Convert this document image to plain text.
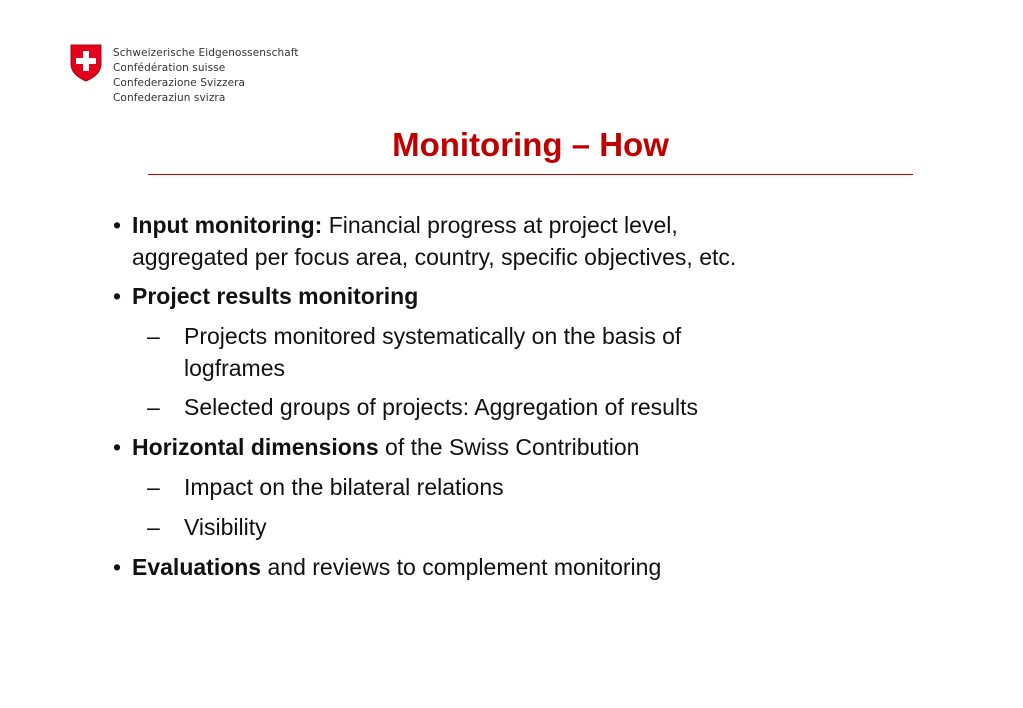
Schweizerische Eidgenossenschaft
Confédération suisse
Confederazione Svizzera
Confederaziun svizra
Monitoring – How
• Input monitoring: Financial progress at project level,
aggregated per focus area, country, specific objectives, etc.
• Project results monitoring
– Projects monitored systematically on the basis of
logframes
– Selected groups of projects: Aggregation of results
• Horizontal dimensions of the Swiss Contribution
– Impact on the bilateral relations
– Visibility
• Evaluations and reviews to complement monitoring
